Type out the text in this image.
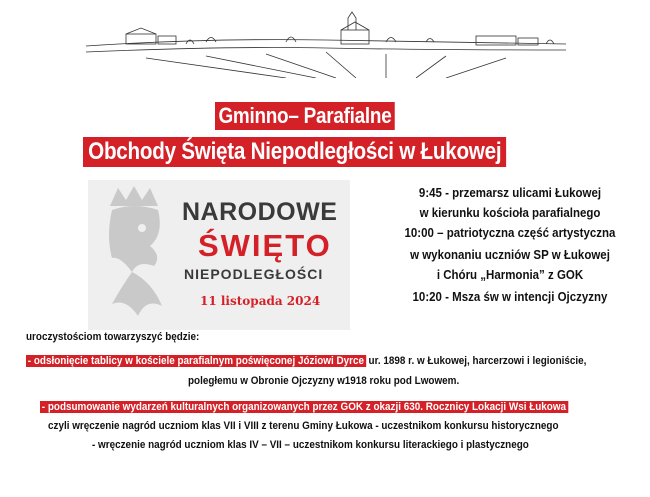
Gminno– Parafialne
Obchody Święta Niepodległości w Łukowej
NARODOWE
ŚWIĘTO
NIEPODLEGŁOŚCI
11 listopada 2024
9:45 - przemarsz ulicami Łukowej
w kierunku kościoła parafialnego
10:00 – patriotyczna część artystyczna
w wykonaniu uczniów SP w Łukowej
i Chóru „Harmonia” z GOK
10:20 - Msza św w intencji Ojczyzny
uroczystościom towarzyszyć będzie:
- odsłonięcie tablicy w kościele parafialnym poświęconej Józiowi Dyrce ur. 1898 r. w Łukowej, harcerzowi i legioniście,
poległemu w Obronie Ojczyzny w1918 roku pod Lwowem.
- podsumowanie wydarzeń kulturalnych organizowanych przez GOK z okazji 630. Rocznicy Lokacji Wsi Łukowa
czyli wręczenie nagród uczniom klas VII i VIII z terenu Gminy Łukowa - uczestnikom konkursu historycznego
- wręczenie nagród uczniom klas IV – VII – uczestnikom konkursu literackiego i plastycznego
